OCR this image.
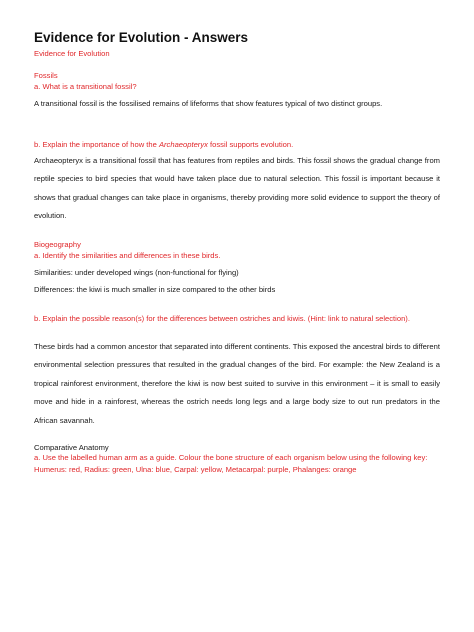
Evidence for Evolution - Answers
Evidence for Evolution
Fossils
a. What is a transitional fossil?

A transitional fossil is the fossilised remains of lifeforms that show features typical of two distinct groups.

b. Explain the importance of how the Archaeopteryx fossil supports evolution.

Archaeopteryx is a transitional fossil that has features from reptiles and birds. This fossil shows the gradual change from reptile species to bird species that would have taken place due to natural selection. This fossil is important because it shows that gradual changes can take place in organisms, thereby providing more solid evidence to support the theory of evolution.

Biogeography
a. Identify the similarities and differences in these birds.
Similarities: under developed wings (non-functional for flying)
Differences: the kiwi is much smaller in size compared to the other birds

b. Explain the possible reason(s) for the differences between ostriches and kiwis. (Hint: link to natural selection).

These birds had a common ancestor that separated into different continents. This exposed the ancestral birds to different environmental selection pressures that resulted in the gradual changes of the bird. For example: the New Zealand is a tropical rainforest environment, therefore the kiwi is now best suited to survive in this environment – it is small to easily move and hide in a rainforest, whereas the ostrich needs long legs and a large body size to out run predators in the African savannah.

Comparative Anatomy

a. Use the labelled human arm as a guide. Colour the bone structure of each organism below using the following key: Humerus: red, Radius: green, Ulna: blue, Carpal: yellow, Metacarpal: purple, Phalanges: orange
